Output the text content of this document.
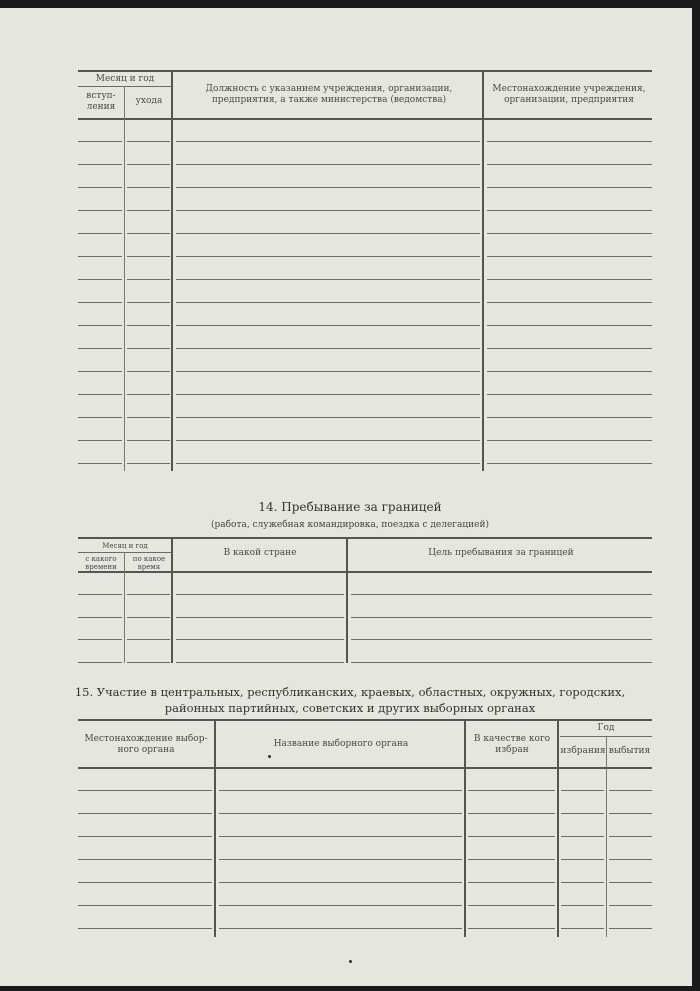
Месяц и год
вступ-
ления
ухода
Должность с указанием учреждения, организации,
предприятия, а также министерства (ведомства)
Местонахождение учреждения,
организации, предприятия
14. Пребывание за границей
(работа, служебная командировка, поездка с делегацией)
Месяц и год
с какого
времени
по какое
время
В какой стране	Цель пребывания за границей
15. Участие в центральных, республиканских, краевых, областных, окружных, городских,
районных партийных, советских и других выборных органах
Местонахождение выбор-
ного органа
Название выборного органа	В качестве кого
избран
Год
избрания выбытия
